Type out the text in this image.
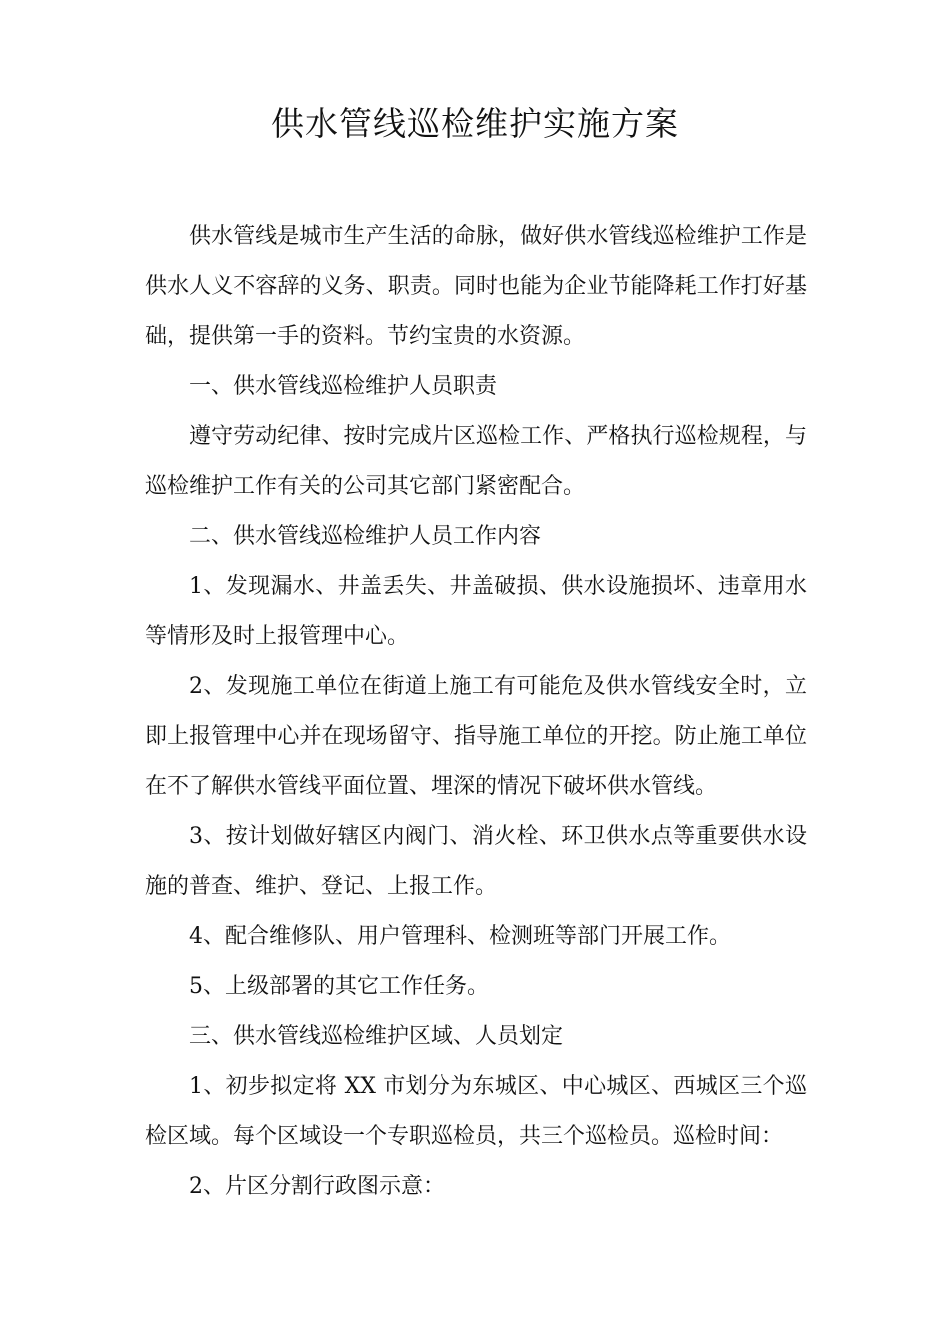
供水管线巡检维护实施方案

供水管线是城市生产生活的命脉，做好供水管线巡检维护工作是供水人义不容辞的义务、职责。同时也能为企业节能降耗工作打好基础，提供第一手的资料。节约宝贵的水资源。

一、供水管线巡检维护人员职责

遵守劳动纪律、按时完成片区巡检工作、严格执行巡检规程，与巡检维护工作有关的公司其它部门紧密配合。

二、供水管线巡检维护人员工作内容

1、发现漏水、井盖丢失、井盖破损、供水设施损坏、违章用水等情形及时上报管理中心。

2、发现施工单位在街道上施工有可能危及供水管线安全时，立即上报管理中心并在现场留守、指导施工单位的开挖。防止施工单位在不了解供水管线平面位置、埋深的情况下破坏供水管线。

3、按计划做好辖区内阀门、消火栓、环卫供水点等重要供水设施的普查、维护、登记、上报工作。

4、配合维修队、用户管理科、检测班等部门开展工作。

5、上级部署的其它工作任务。

三、供水管线巡检维护区域、人员划定

1、初步拟定将 XX 市划分为东城区、中心城区、西城区三个巡检区域。每个区域设一个专职巡检员，共三个巡检员。巡检时间：

2、片区分割行政图示意：
